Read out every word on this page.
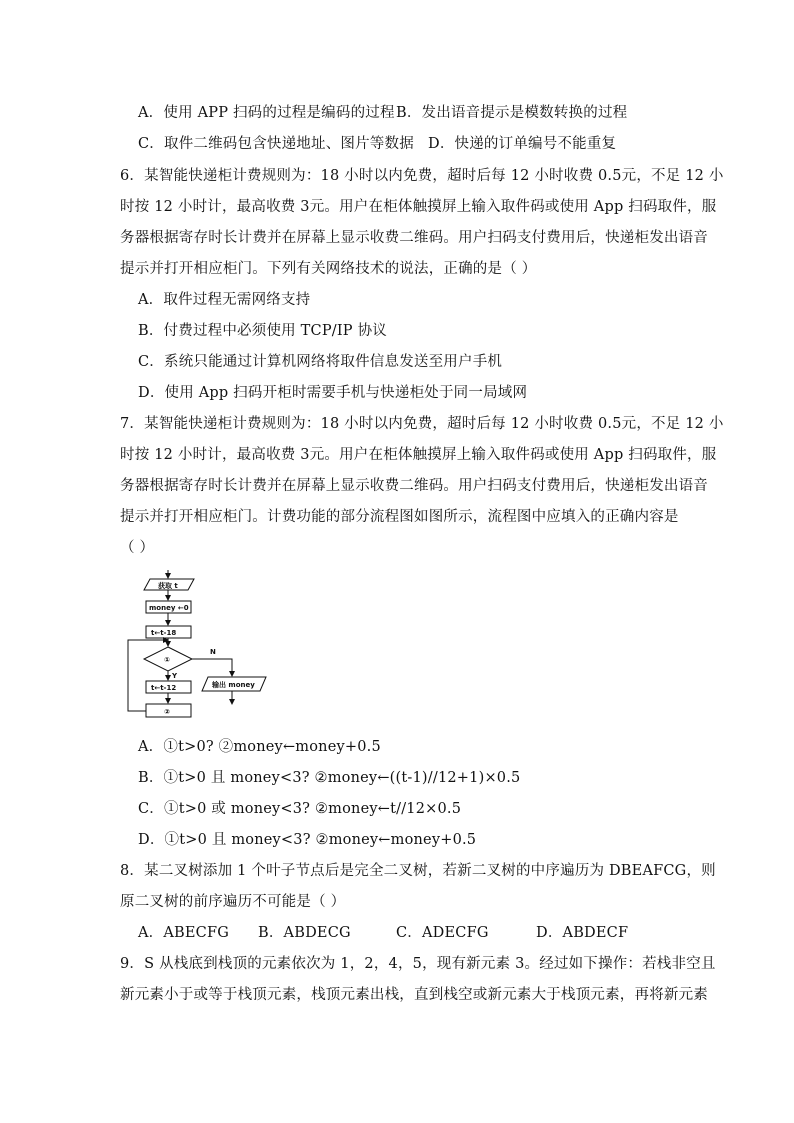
A．使用 APP 扫码的过程是编码的过程 B．发出语音提示是模数转换的过程
C．取件二维码包含快递地址、图片等数据 D．快递的订单编号不能重复
6．某智能快递柜计费规则为：18 小时以内免费，超时后每 12 小时收费 0.5元，不足 12 小
时按 12 小时计，最高收费 3元。用户在柜体触摸屏上输入取件码或使用 App 扫码取件，服
务器根据寄存时长计费并在屏幕上显示收费二维码。用户扫码支付费用后，快递柜发出语音
提示并打开相应柜门。下列有关网络技术的说法，正确的是（ ）
A．取件过程无需网络支持
B．付费过程中必须使用 TCP/IP 协议
C．系统只能通过计算机网络将取件信息发送至用户手机
D．使用 App 扫码开柜时需要手机与快递柜处于同一局域网
7．某智能快递柜计费规则为：18 小时以内免费，超时后每 12 小时收费 0.5元，不足 12 小
时按 12 小时计，最高收费 3元。用户在柜体触摸屏上输入取件码或使用 App 扫码取件，服
务器根据寄存时长计费并在屏幕上显示收费二维码。用户扫码支付费用后，快递柜发出语音
提示并打开相应柜门。计费功能的部分流程图如图所示，流程图中应填入的正确内容是
（ ）
获取 t
money ←0
t←t-18
①
N
Y
t←t-12
②
输出 money
A．①t>0? ②money←money+0.5
B．①t>0 且 money<3? ②money←((t-1)//12+1)×0.5
C．①t>0 或 money<3? ②money←t//12×0.5
D．①t>0 且 money<3? ②money←money+0.5
8．某二叉树添加 1 个叶子节点后是完全二叉树，若新二叉树的中序遍历为 DBEAFCG，则
原二叉树的前序遍历不可能是（ ）
A．ABECFG B．ABDECG	C．ADECFG	D．ABDECF
9．S 从栈底到栈顶的元素依次为 1，2，4，5，现有新元素 3。经过如下操作：若栈非空且
新元素小于或等于栈顶元素，栈顶元素出栈，直到栈空或新元素大于栈顶元素，再将新元素
